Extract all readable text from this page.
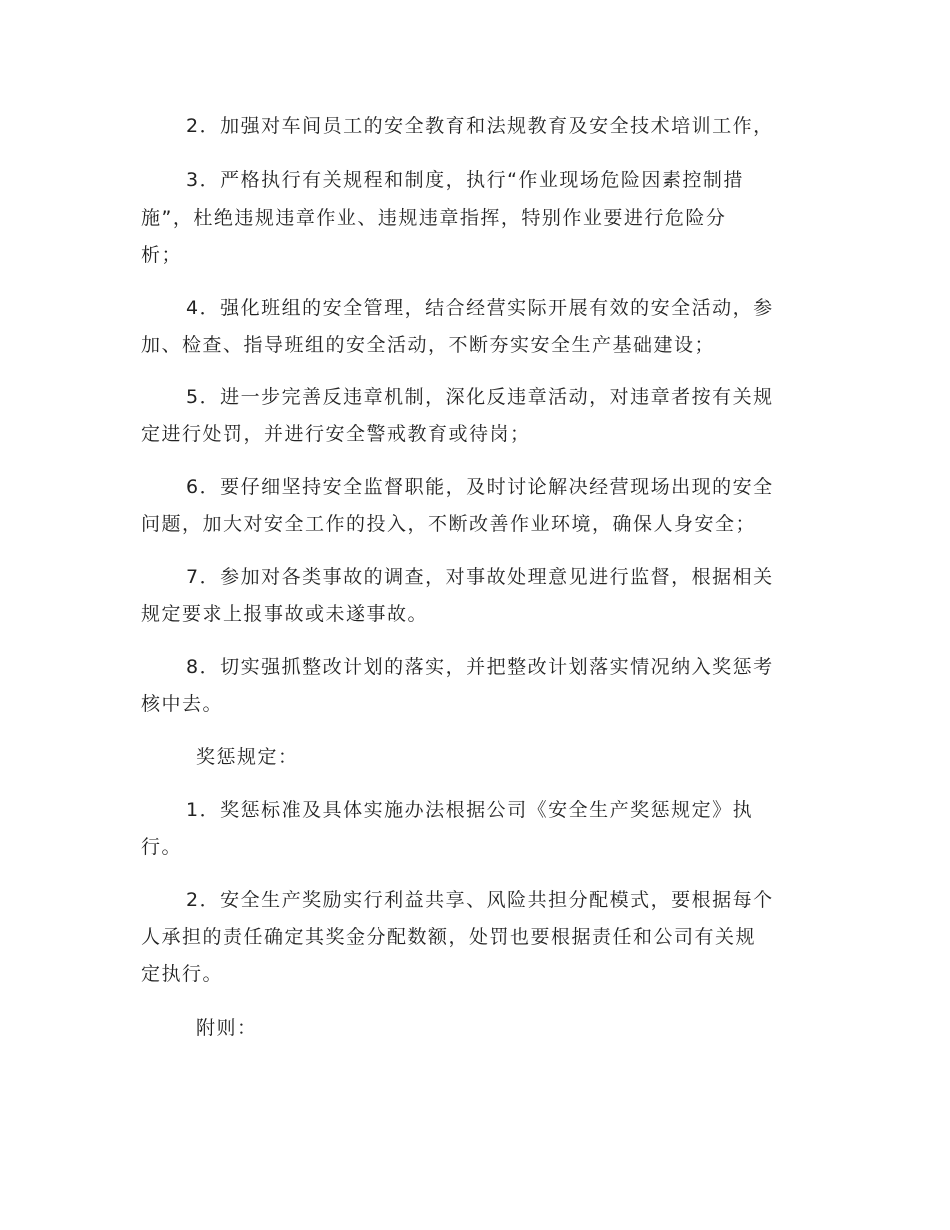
2．加强对车间员工的安全教育和法规教育及安全技术培训工作，
3．严格执行有关规程和制度，执行“作业现场危险因素控制措
施”，杜绝违规违章作业、违规违章指挥，特别作业要进行危险分
析；
4．强化班组的安全管理，结合经营实际开展有效的安全活动，参
加、检查、指导班组的安全活动，不断夯实安全生产基础建设；
5．进一步完善反违章机制，深化反违章活动，对违章者按有关规
定进行处罚，并进行安全警戒教育或待岗；
6．要仔细坚持安全监督职能，及时讨论解决经营现场出现的安全
问题，加大对安全工作的投入，不断改善作业环境，确保人身安全；
7．参加对各类事故的调查，对事故处理意见进行监督，根据相关
规定要求上报事故或未遂事故。
8．切实强抓整改计划的落实，并把整改计划落实情况纳入奖惩考
核中去。
奖惩规定：
1．奖惩标准及具体实施办法根据公司《安全生产奖惩规定》执
行。
2．安全生产奖励实行利益共享、风险共担分配模式，要根据每个
人承担的责任确定其奖金分配数额，处罚也要根据责任和公司有关规
定执行。
附则：
